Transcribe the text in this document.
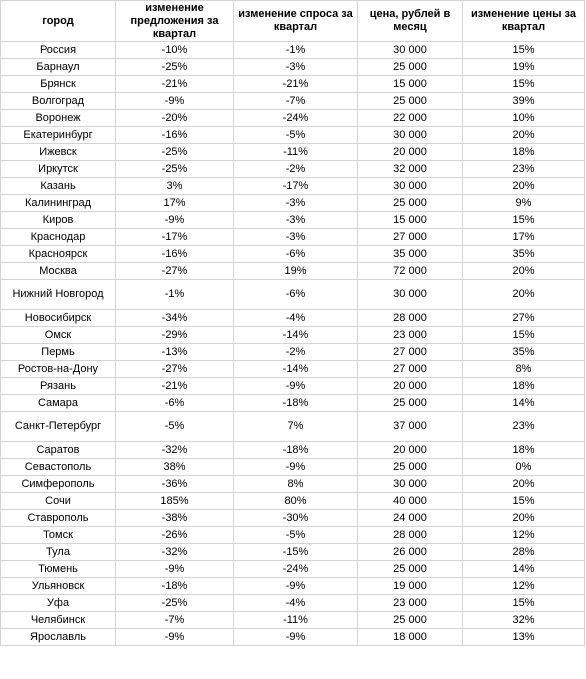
город	изменение предложения за квартал	изменение спроса за квартал	цена, рублей в месяц	изменение цены за квартал
Россия	-10%	-1%	30 000	15%
Барнаул	-25%	-3%	25 000	19%
Брянск	-21%	-21%	15 000	15%
Волгоград	-9%	-7%	25 000	39%
Воронеж	-20%	-24%	22 000	10%
Екатеринбург	-16%	-5%	30 000	20%
Ижевск	-25%	-11%	20 000	18%
Иркутск	-25%	-2%	32 000	23%
Казань	3%	-17%	30 000	20%
Калининград	17%	-3%	25 000	9%
Киров	-9%	-3%	15 000	15%
Краснодар	-17%	-3%	27 000	17%
Красноярск	-16%	-6%	35 000	35%
Москва	-27%	19%	72 000	20%
Нижний Новгород	-1%	-6%	30 000	20%
Новосибирск	-34%	-4%	28 000	27%
Омск	-29%	-14%	23 000	15%
Пермь	-13%	-2%	27 000	35%
Ростов-на-Дону	-27%	-14%	27 000	8%
Рязань	-21%	-9%	20 000	18%
Самара	-6%	-18%	25 000	14%
Санкт-Петербург	-5%	7%	37 000	23%
Саратов	-32%	-18%	20 000	18%
Севастополь	38%	-9%	25 000	0%
Симферополь	-36%	8%	30 000	20%
Сочи	185%	80%	40 000	15%
Ставрополь	-38%	-30%	24 000	20%
Томск	-26%	-5%	28 000	12%
Тула	-32%	-15%	26 000	28%
Тюмень	-9%	-24%	25 000	14%
Ульяновск	-18%	-9%	19 000	12%
Уфа	-25%	-4%	23 000	15%
Челябинск	-7%	-11%	25 000	32%
Ярославль	-9%	-9%	18 000	13%
